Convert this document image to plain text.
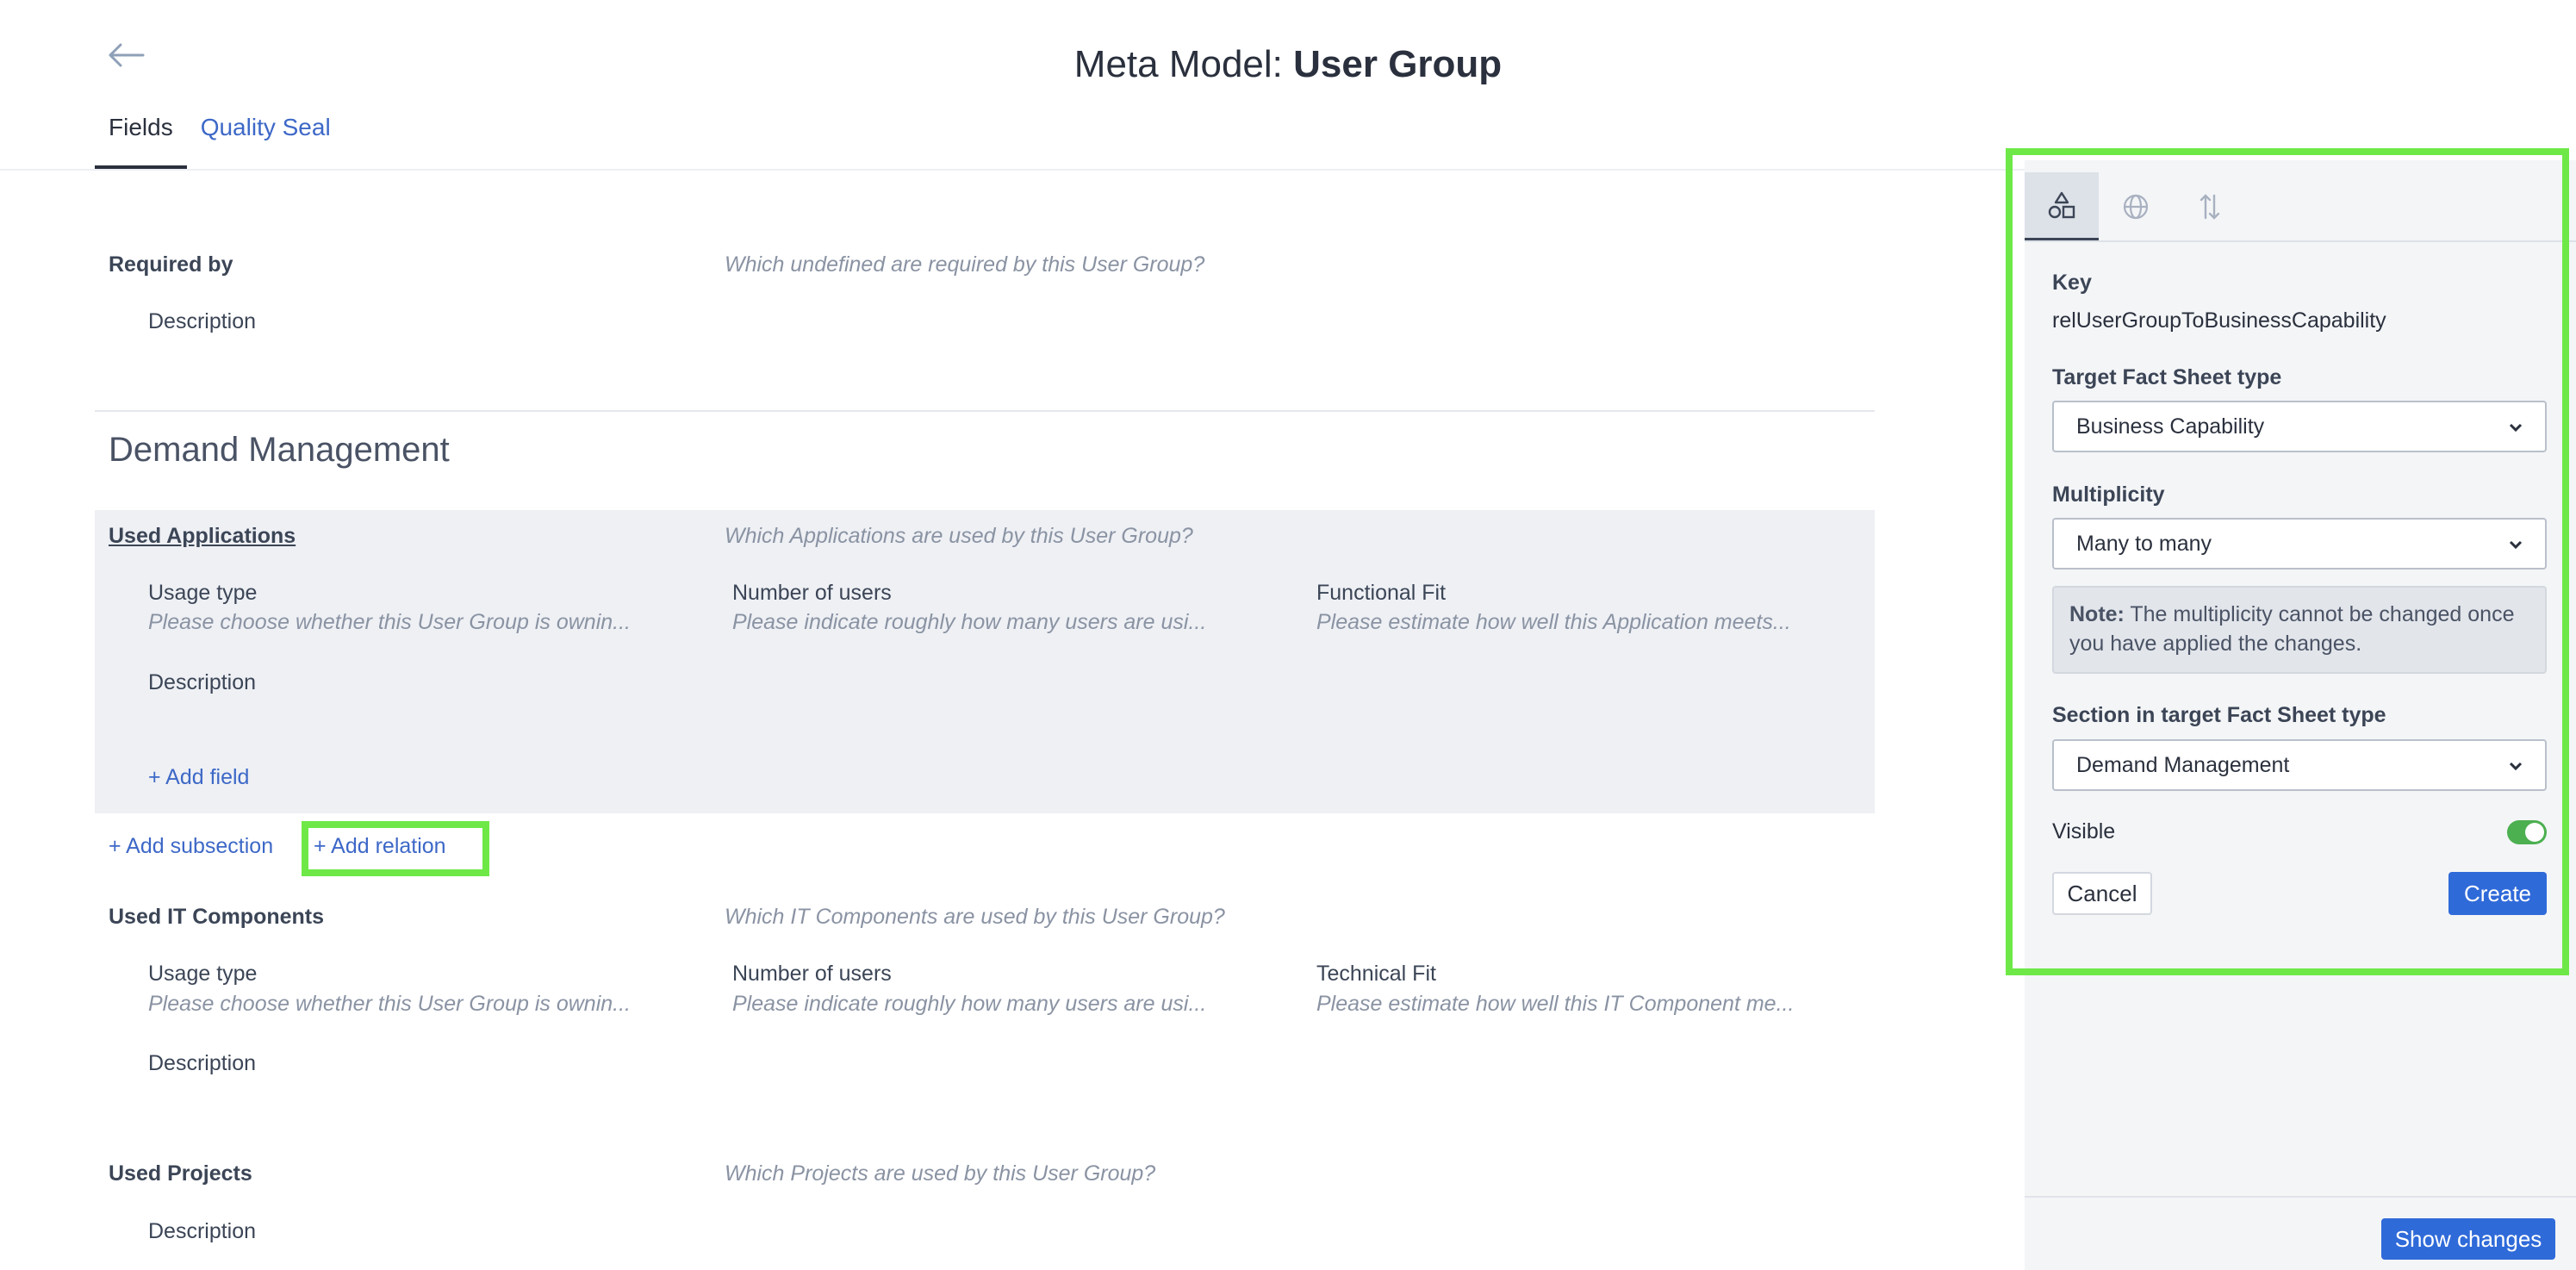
Meta Model: User Group
Fields	Quality Seal
Required by	Which undefined are required by this User Group?
Description
Demand Management
Used Applications	Which Applications are used by this User Group?
Usage type
Please choose whether this User Group is ownin...
Number of users
Please indicate roughly how many users are usi...
Functional Fit
Please estimate how well this Application meets...
Description
+ Add field
+ Add subsection + Add relation
Used IT Components	Which IT Components are used by this User Group?
Usage type
Please choose whether this User Group is ownin...
Number of users
Please indicate roughly how many users are usi...
Technical Fit
Please estimate how well this IT Component me...
Description
Used Projects	Which Projects are used by this User Group?
Description
Key
relUserGroupToBusinessCapability
Target Fact Sheet type
Business Capability
Multiplicity
Many to many
Note: The multiplicity cannot be changed once you have applied the changes.
Section in target Fact Sheet type
Demand Management
Visible
Cancel	Create
Show changes
